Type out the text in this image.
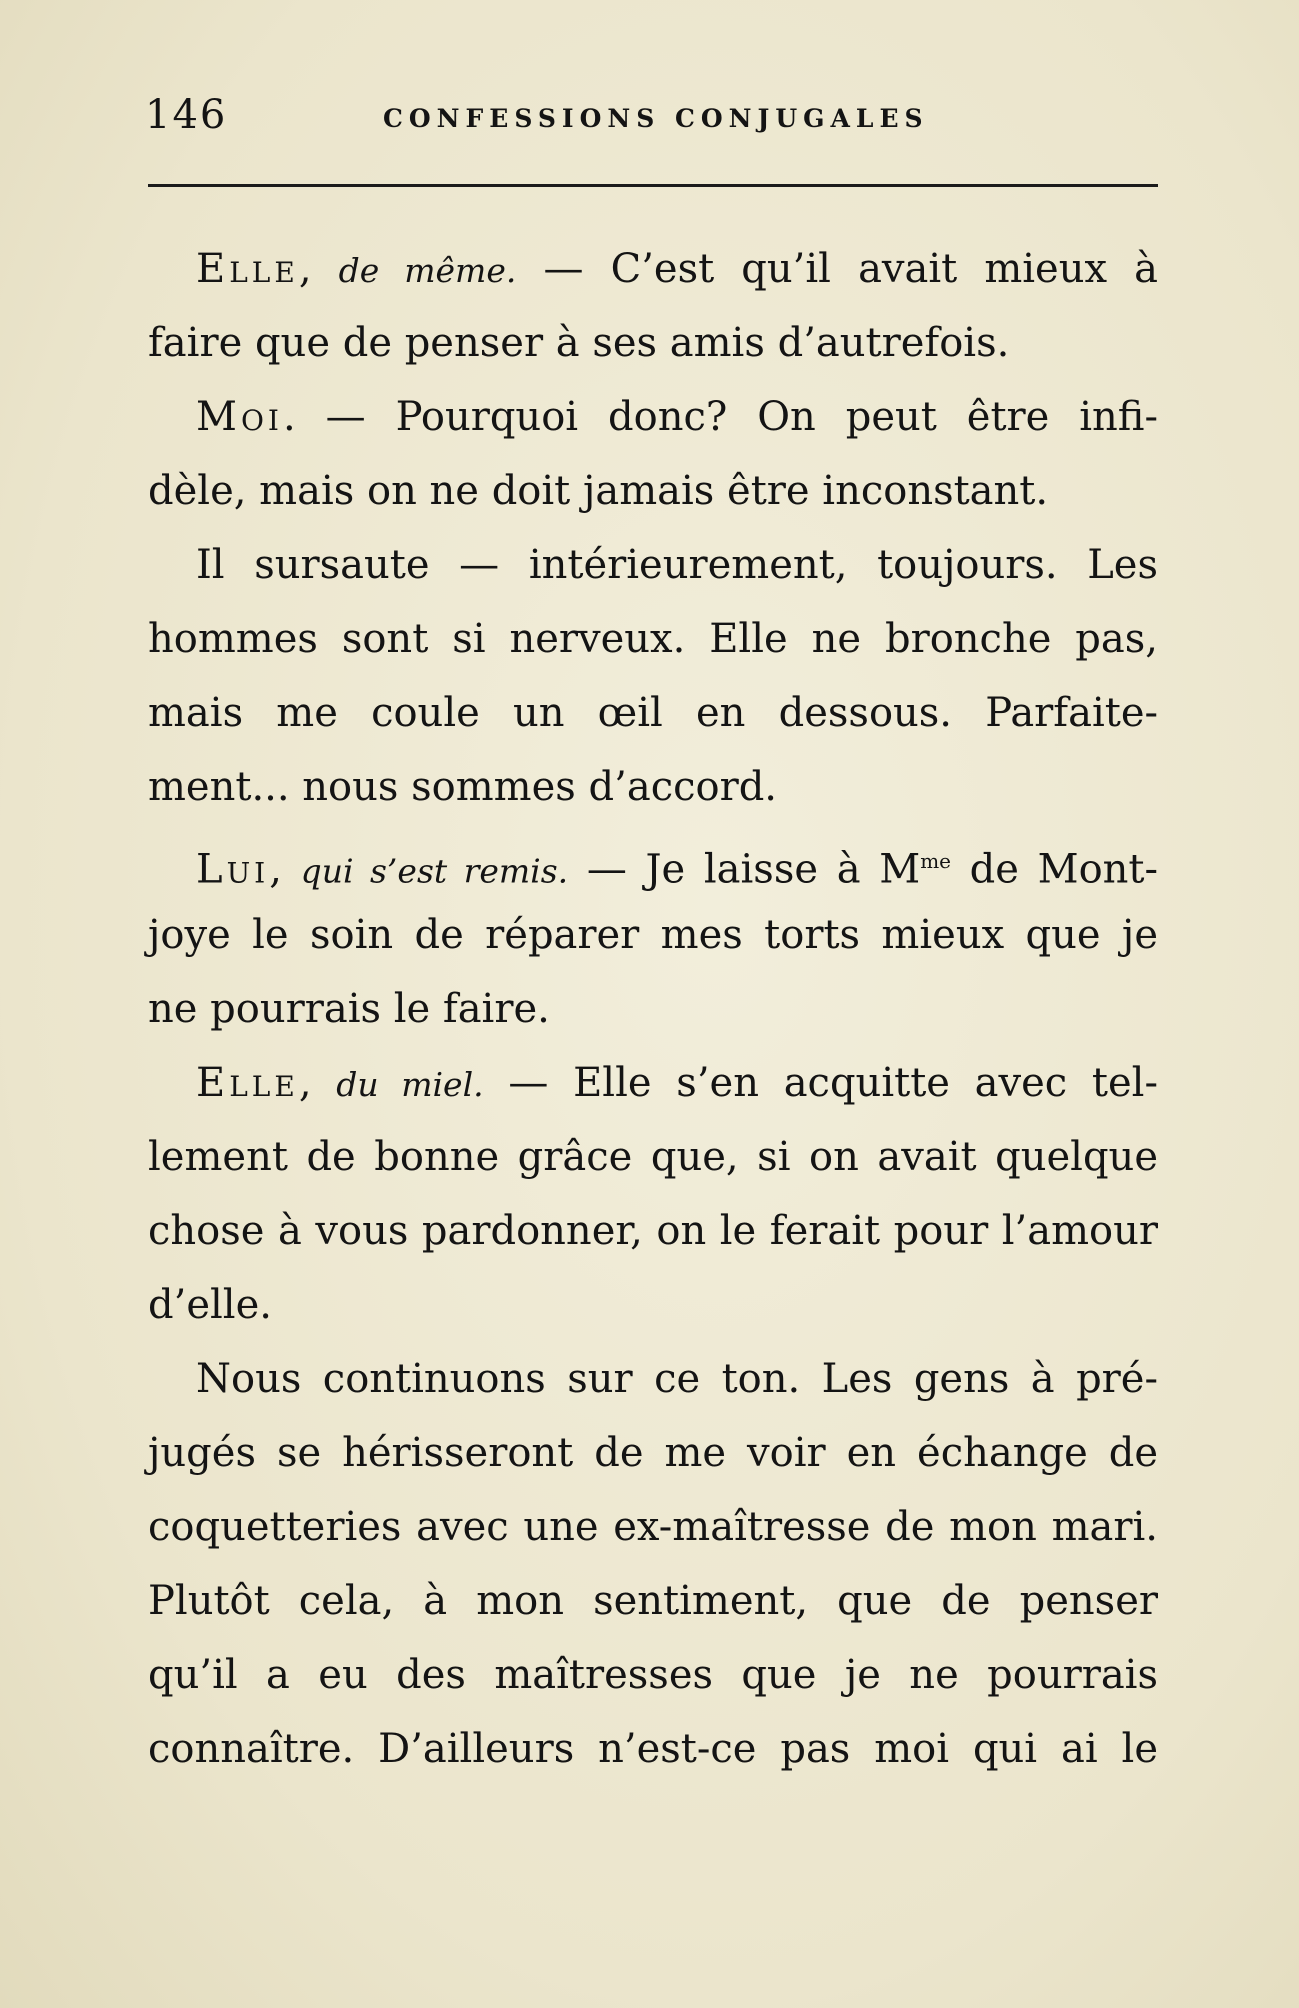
146	CONFESSIONS CONJUGALES
Elle, de même. — C’est qu’il avait mieux à
faire que de penser à ses amis d’autrefois.
Moi. — Pourquoi donc? On peut être infi-
dèle, mais on ne doit jamais être inconstant.
Il sursaute — intérieurement, toujours. Les
hommes sont si nerveux. Elle ne bronche pas,
mais me coule un œil en dessous. Parfaite-
ment... nous sommes d’accord.
Lui, qui s’est remis. — Je laisse à $M^{me}$ de Mont-
joye le soin de réparer mes torts mieux que je
ne pourrais le faire.
Elle, du miel. — Elle s’en acquitte avec tel-
lement de bonne grâce que, si on avait quelque
chose à vous pardonner, on le ferait pour l’amour
d’elle.
Nous continuons sur ce ton. Les gens à pré-
jugés se hérisseront de me voir en échange de
coquetteries avec une ex-maîtresse de mon mari.
Plutôt cela, à mon sentiment, que de penser
qu’il a eu des maîtresses que je ne pourrais
connaître. D’ailleurs n’est-ce pas moi qui ai le
